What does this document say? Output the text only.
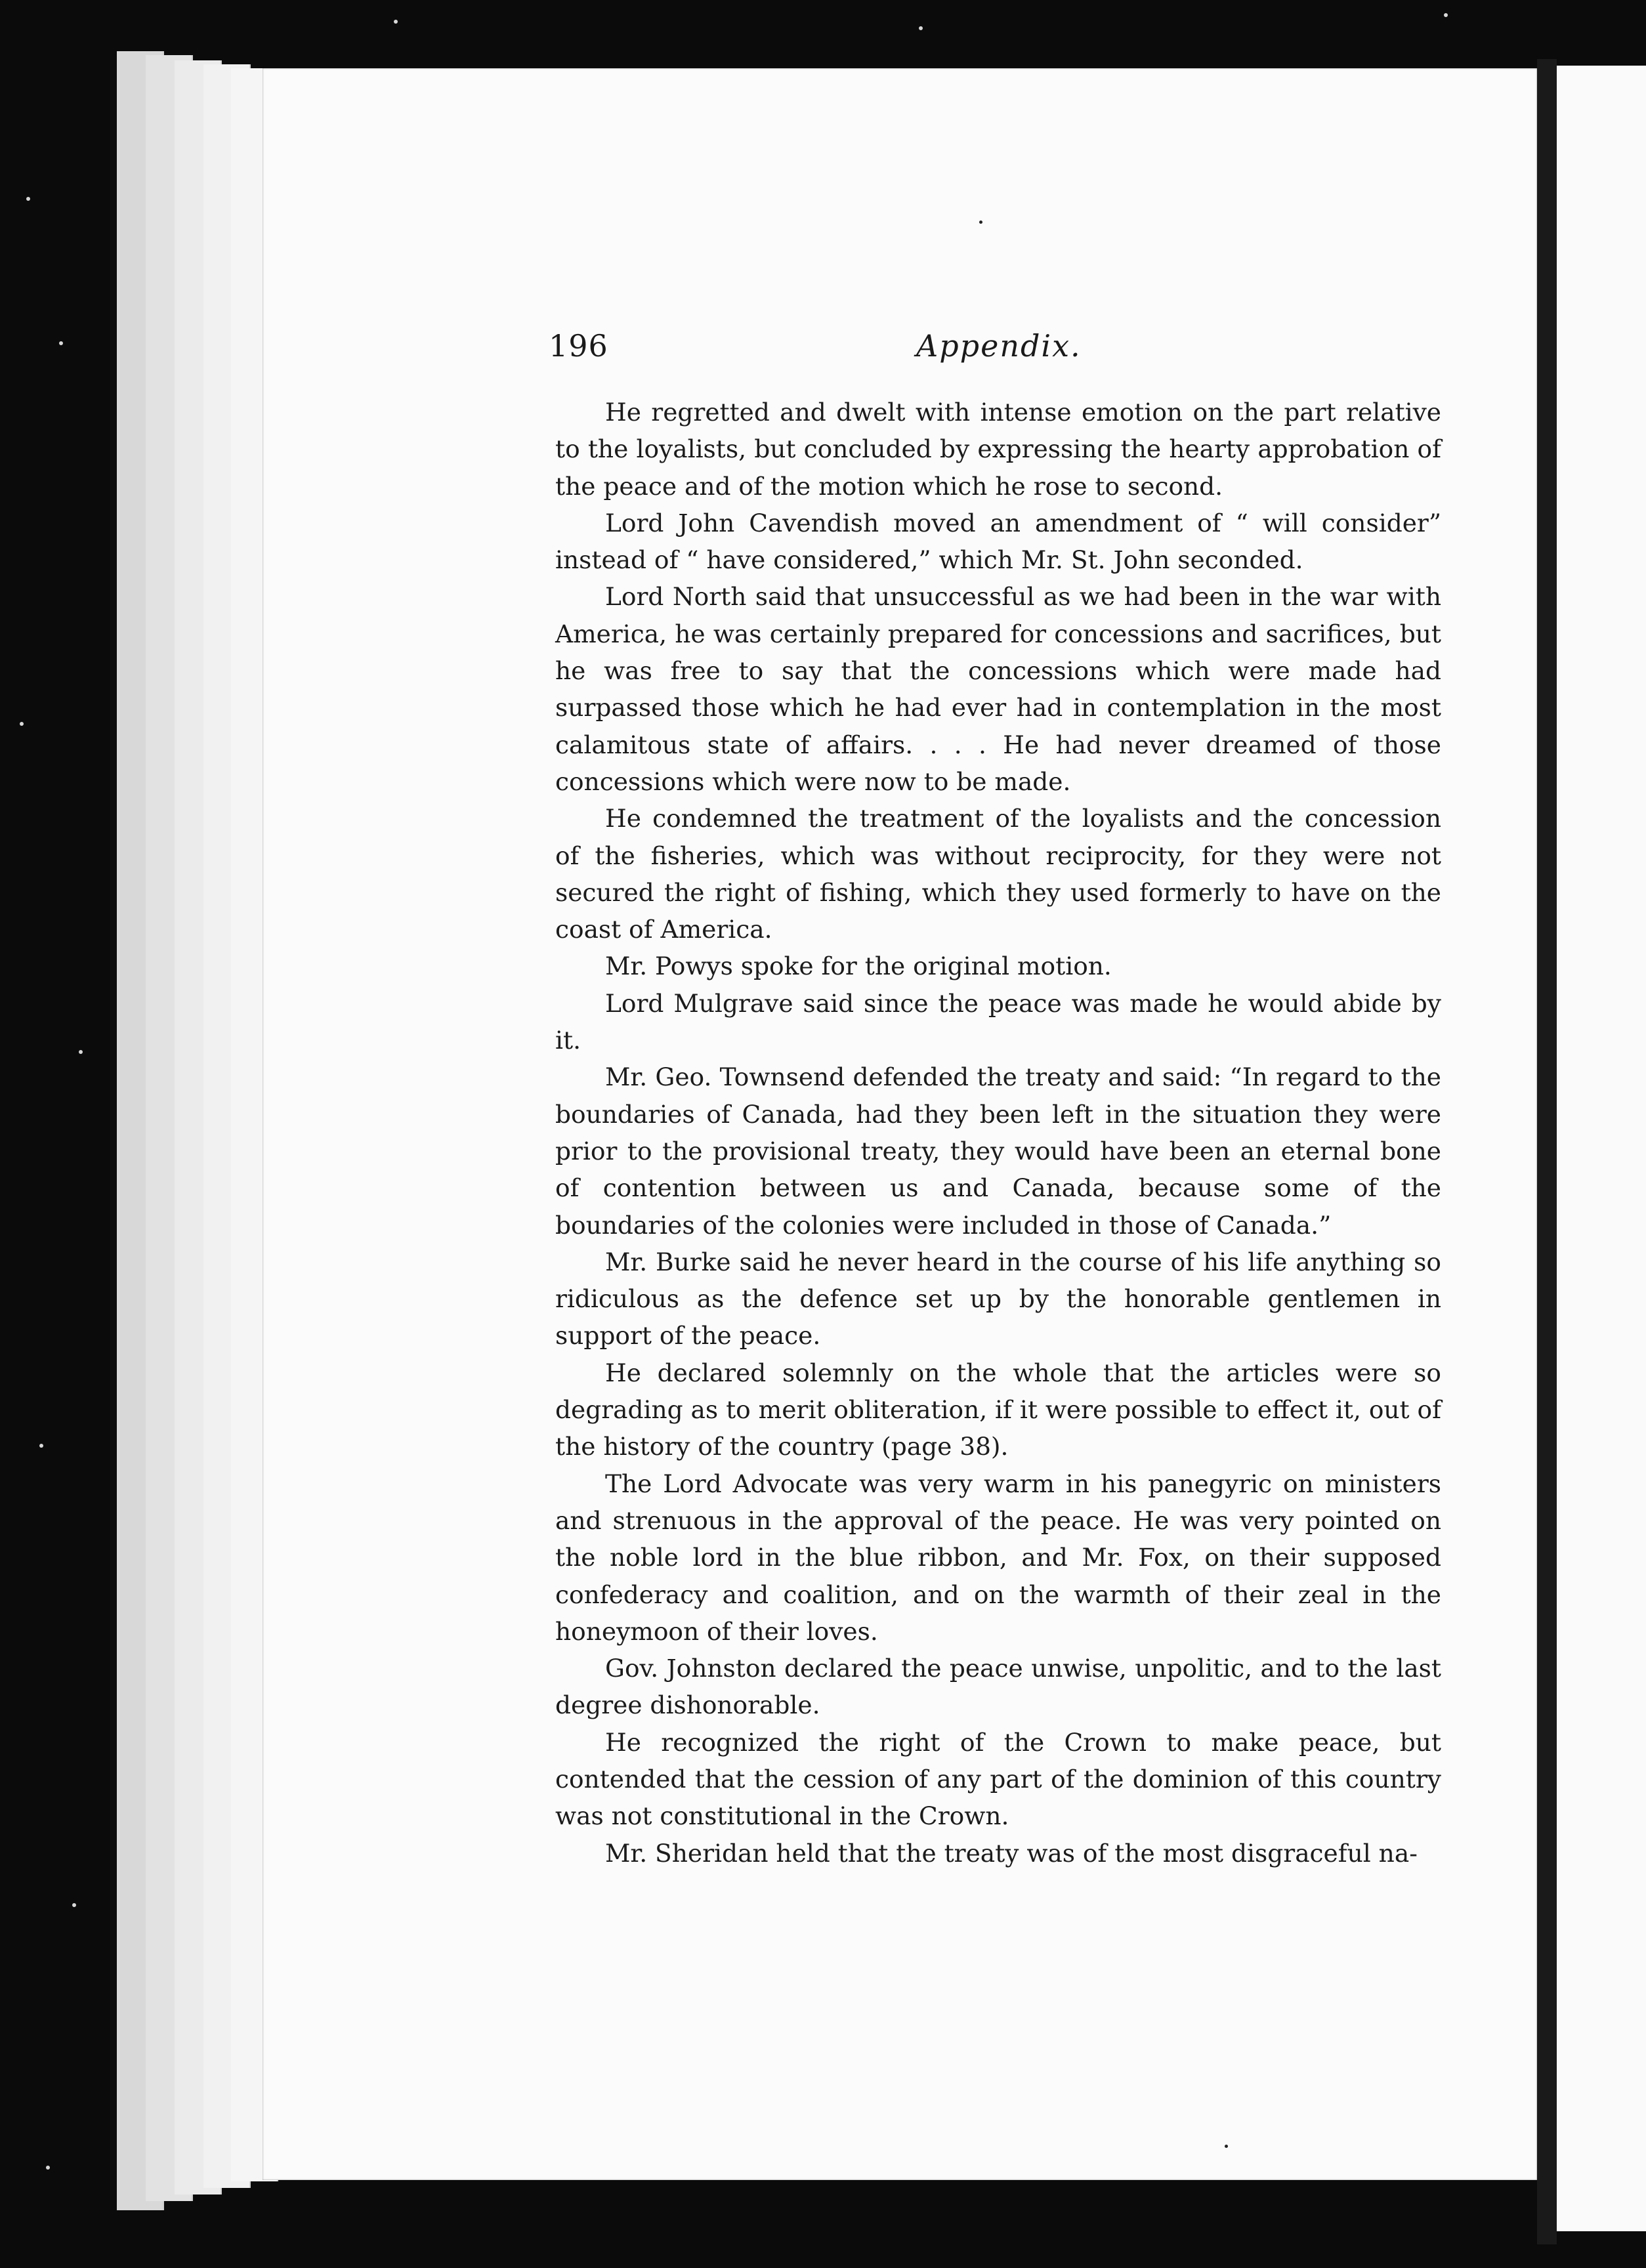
196	Appendix.

He regretted and dwelt with intense emotion on the part relative to the loyalists, but concluded by expressing the hearty approbation of the peace and of the motion which he rose to second.

Lord John Cavendish moved an amendment of “ will consider” instead of “ have considered,” which Mr. St. John seconded.

Lord North said that unsuccessful as we had been in the war with America, he was certainly prepared for concessions and sacrifices, but he was free to say that the concessions which were made had surpassed those which he had ever had in contemplation in the most calamitous state of affairs. . . . He had never dreamed of those concessions which were now to be made.

He condemned the treatment of the loyalists and the concession of the fisheries, which was without reciprocity, for they were not secured the right of fishing, which they used formerly to have on the coast of America.

Mr. Powys spoke for the original motion.

Lord Mulgrave said since the peace was made he would abide by it.

Mr. Geo. Townsend defended the treaty and said: “In regard to the boundaries of Canada, had they been left in the situation they were prior to the provisional treaty, they would have been an eternal bone of contention between us and Canada, because some of the boundaries of the colonies were included in those of Canada.”

Mr. Burke said he never heard in the course of his life anything so ridiculous as the defence set up by the honorable gentlemen in support of the peace.

He declared solemnly on the whole that the articles were so degrading as to merit obliteration, if it were possible to effect it, out of the history of the country (page 38).

The Lord Advocate was very warm in his panegyric on ministers and strenuous in the approval of the peace. He was very pointed on the noble lord in the blue ribbon, and Mr. Fox, on their supposed confederacy and coalition, and on the warmth of their zeal in the honeymoon of their loves.

Gov. Johnston declared the peace unwise, unpolitic, and to the last degree dishonorable.

He recognized the right of the Crown to make peace, but contended that the cession of any part of the dominion of this country was not constitutional in the Crown.

Mr. Sheridan held that the treaty was of the most disgraceful na-
